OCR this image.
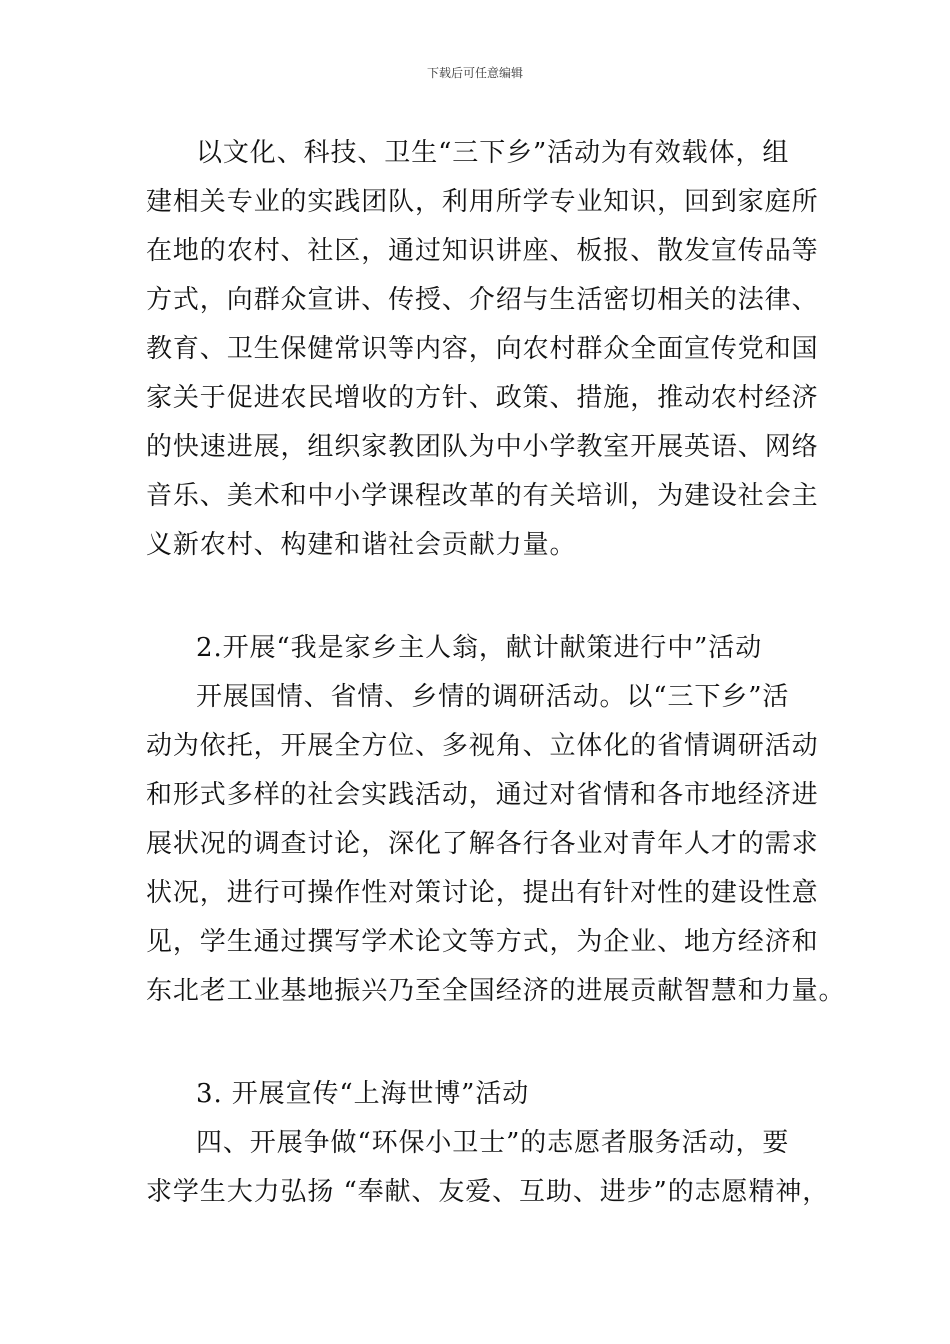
下载后可任意编辑
以文化、科技、卫生“三下乡”活动为有效载体，组
建相关专业的实践团队，利用所学专业知识，回到家庭所
在地的农村、社区，通过知识讲座、板报、散发宣传品等
方式，向群众宣讲、传授、介绍与生活密切相关的法律、
教育、卫生保健常识等内容，向农村群众全面宣传党和国
家关于促进农民增收的方针、政策、措施，推动农村经济
的快速进展，组织家教团队为中小学教室开展英语、网络
音乐、美术和中小学课程改革的有关培训，为建设社会主
义新农村、构建和谐社会贡献力量。
2.开展“我是家乡主人翁，献计献策进行中”活动
开展国情、省情、乡情的调研活动。以“三下乡”活
动为依托，开展全方位、多视角、立体化的省情调研活动
和形式多样的社会实践活动，通过对省情和各市地经济进
展状况的调查讨论，深化了解各行各业对青年人才的需求
状况，进行可操作性对策讨论，提出有针对性的建设性意
见，学生通过撰写学术论文等方式，为企业、地方经济和
东北老工业基地振兴乃至全国经济的进展贡献智慧和力量。
3. 开展宣传“上海世博”活动
四、开展争做“环保小卫士”的志愿者服务活动，要
求学生大力弘扬 “奉献、友爱、互助、进步”的志愿精神，
